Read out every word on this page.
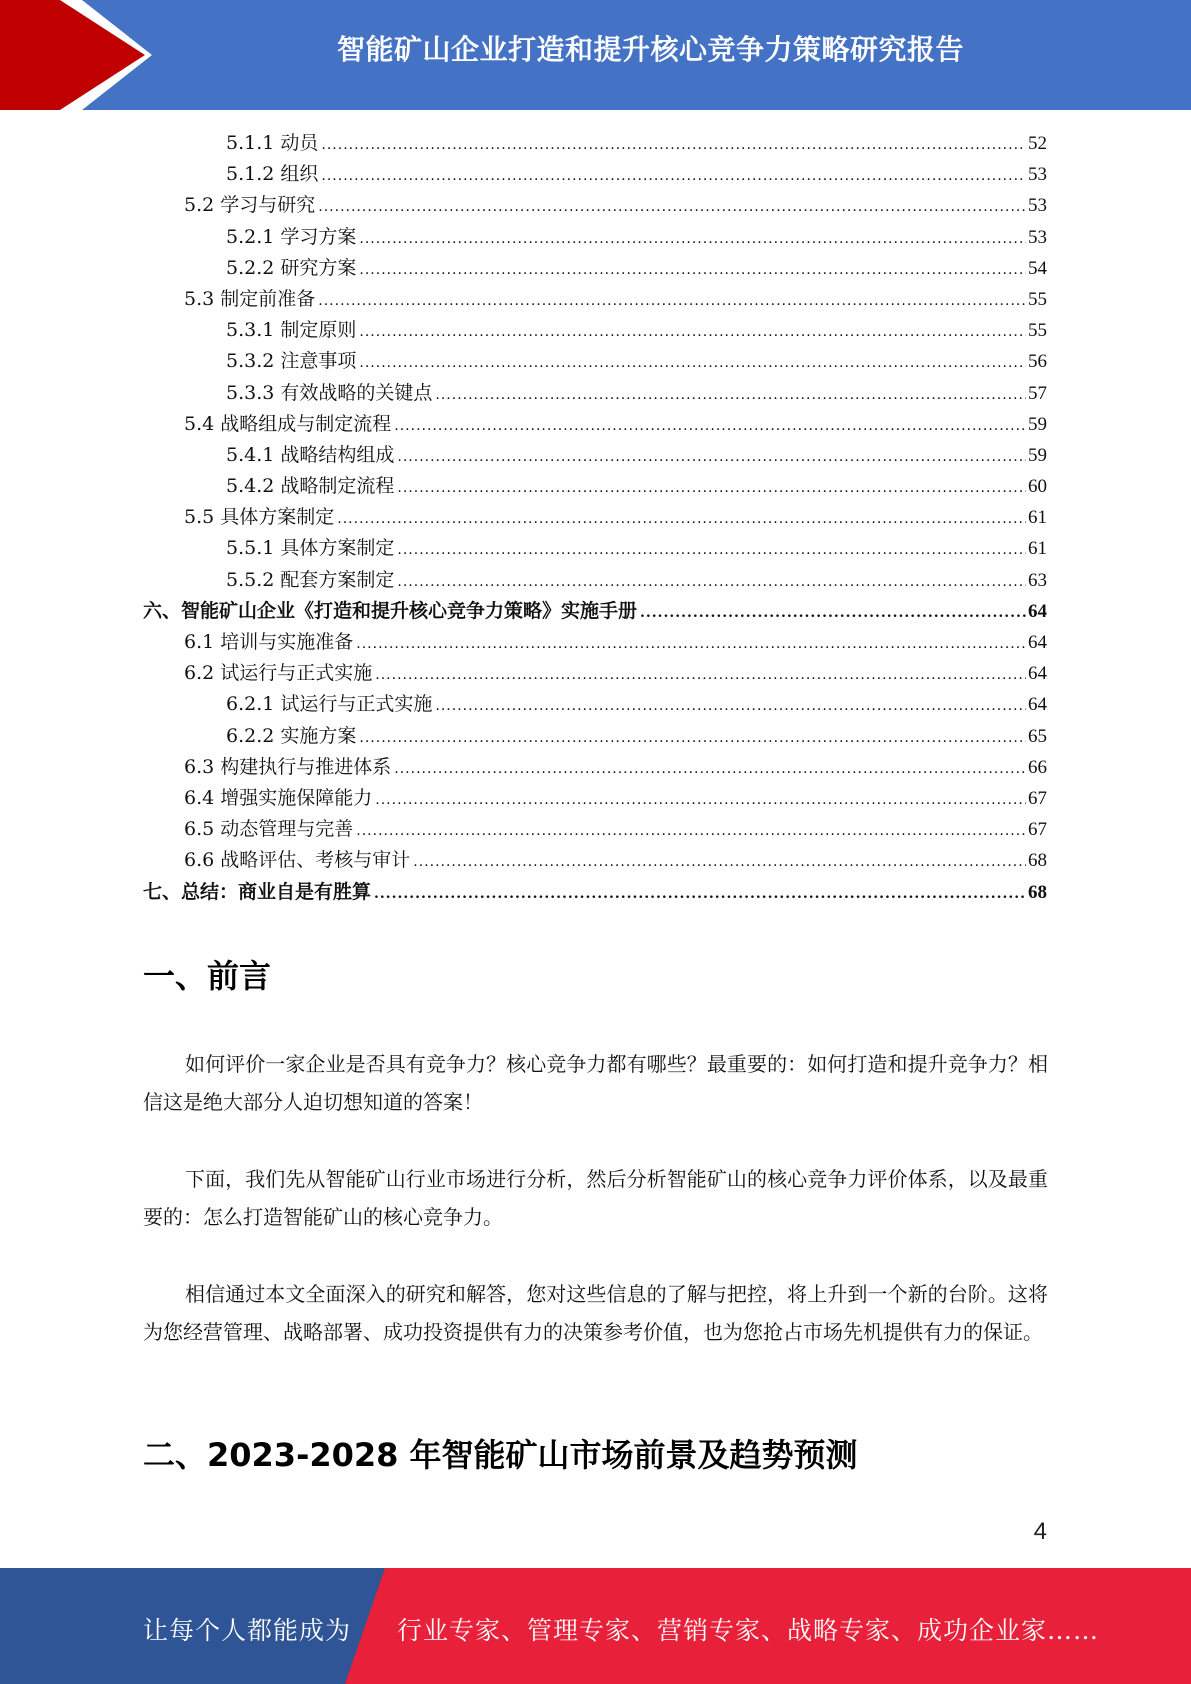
智能矿山企业打造和提升核心竞争力策略研究报告
5.1.1 动员 .....	52
5.1.2 组织 .....	53
5.2 学习与研究 .....	53
5.2.1 学习方案 .....	53
5.2.2 研究方案 .....	54
5.3 制定前准备 .....	55
5.3.1 制定原则 .....	55
5.3.2 注意事项 .....	56
5.3.3 有效战略的关键点 .....	57
5.4 战略组成与制定流程 .....	59
5.4.1 战略结构组成 .....	59
5.4.2 战略制定流程 .....	60
5.5 具体方案制定 .....	61
5.5.1 具体方案制定 .....	61
5.5.2 配套方案制定 .....	63
六、智能矿山企业《打造和提升核心竞争力策略》实施手册 .....	64
6.1 培训与实施准备 .....	64
6.2 试运行与正式实施 .....	64
6.2.1 试运行与正式实施 .....	64
6.2.2 实施方案 .....	65
6.3 构建执行与推进体系 .....	66
6.4 增强实施保障能力 .....	67
6.5 动态管理与完善 .....	67
6.6 战略评估、考核与审计 .....	68
七、总结：商业自是有胜算 .....	68
一、前言
如何评价一家企业是否具有竞争力？核心竞争力都有哪些？最重要的：如何打造和提升竞争力？相信这是绝大部分人迫切想知道的答案！
下面，我们先从智能矿山行业市场进行分析，然后分析智能矿山的核心竞争力评价体系，以及最重要的：怎么打造智能矿山的核心竞争力。
相信通过本文全面深入的研究和解答，您对这些信息的了解与把控，将上升到一个新的台阶。这将为您经营管理、战略部署、成功投资提供有力的决策参考价值，也为您抢占市场先机提供有力的保证。
二、2023-2028 年智能矿山市场前景及趋势预测
4
让每个人都能成为 行业专家、管理专家、营销专家、战略专家、成功企业家……
